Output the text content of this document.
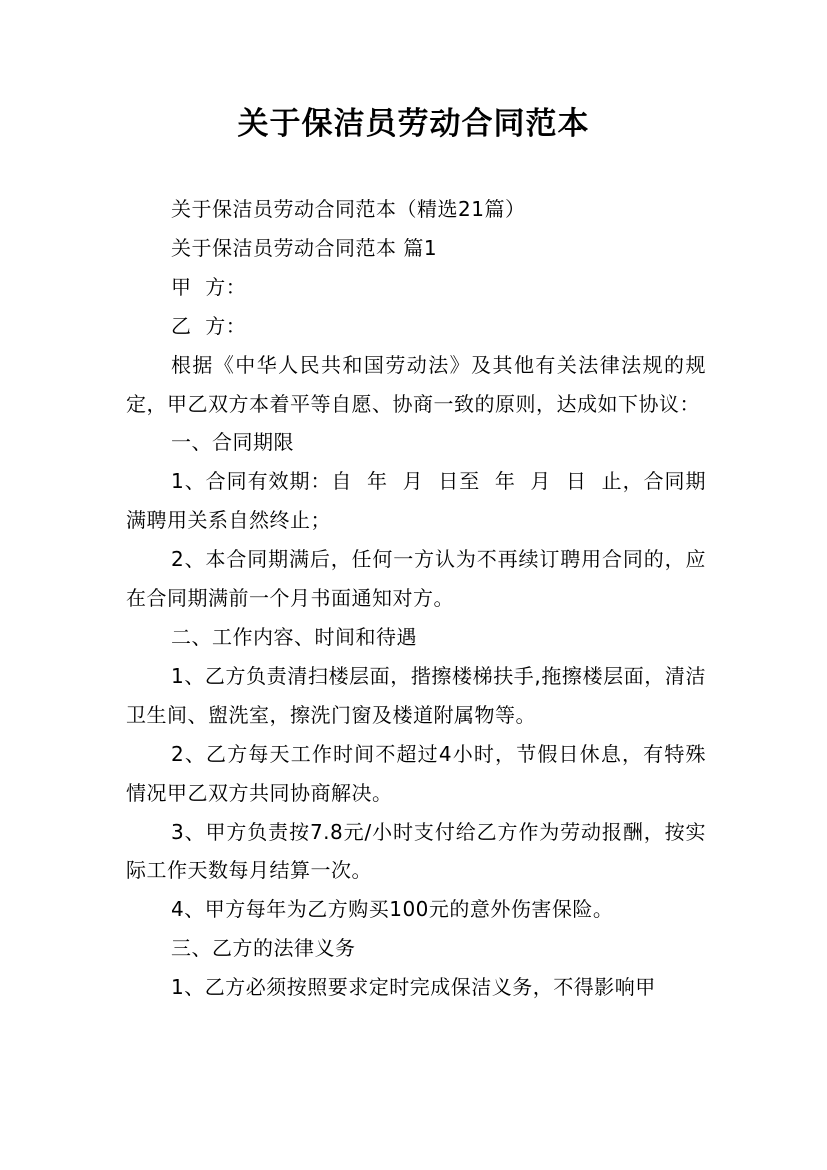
关于保洁员劳动合同范本

关于保洁员劳动合同范本（精选21篇）

关于保洁员劳动合同范本 篇1

甲  方：

乙  方：

根据《中华人民共和国劳动法》及其他有关法律法规的规定，甲乙双方本着平等自愿、协商一致的原则，达成如下协议：

一、合同期限

1、合同有效期：自  年  月  日至  年  月  日  止，合同期满聘用关系自然终止；

2、本合同期满后，任何一方认为不再续订聘用合同的，应在合同期满前一个月书面通知对方。

二、工作内容、时间和待遇

1、乙方负责清扫楼层面，揩擦楼梯扶手,拖擦楼层面，清洁卫生间、盥洗室，擦洗门窗及楼道附属物等。

2、乙方每天工作时间不超过4小时，节假日休息，有特殊情况甲乙双方共同协商解决。

3、甲方负责按7.8元/小时支付给乙方作为劳动报酬，按实际工作天数每月结算一次。

4、甲方每年为乙方购买100元的意外伤害保险。

三、乙方的法律义务

1、乙方必须按照要求定时完成保洁义务，不得影响甲
